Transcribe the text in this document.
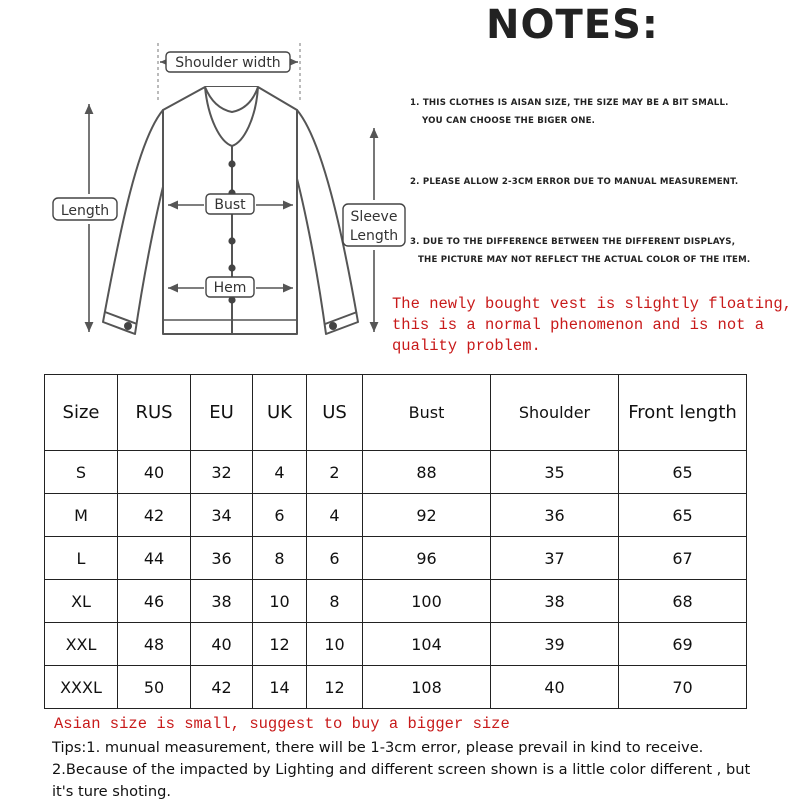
Shoulder width
Length	Bust
Hem
Sleeve
Length
NOTES:
1. THIS CLOTHES IS AISAN SIZE, THE SIZE MAY BE A BIT SMALL.
YOU CAN CHOOSE THE BIGER ONE.
2. PLEASE ALLOW 2-3CM ERROR DUE TO MANUAL MEASUREMENT.
3. DUE TO THE DIFFERENCE BETWEEN THE DIFFERENT DISPLAYS,
THE PICTURE MAY NOT REFLECT THE ACTUAL COLOR OF THE ITEM.
The newly bought vest is slightly floating,
this is a normal phenomenon and is not a
quality problem.
Size	RUS	EU	UK	US	Bust	Shoulder	Front length
S	40	32	4	2	88	35	65
M	42	34	6	4	92	36	65
L	44	36	8	6	96	37	67
XL	46	38	10	8	100	38	68
XXL	48	40	12	10	104	39	69
XXXL	50	42	14	12	108	40	70
Asian size is small, suggest to buy a bigger size
Tips:1. munual measurement, there will be 1-3cm error, please prevail in kind to receive.
2.Because of the impacted by Lighting and different screen shown is a little color different , but
it's ture shoting.
